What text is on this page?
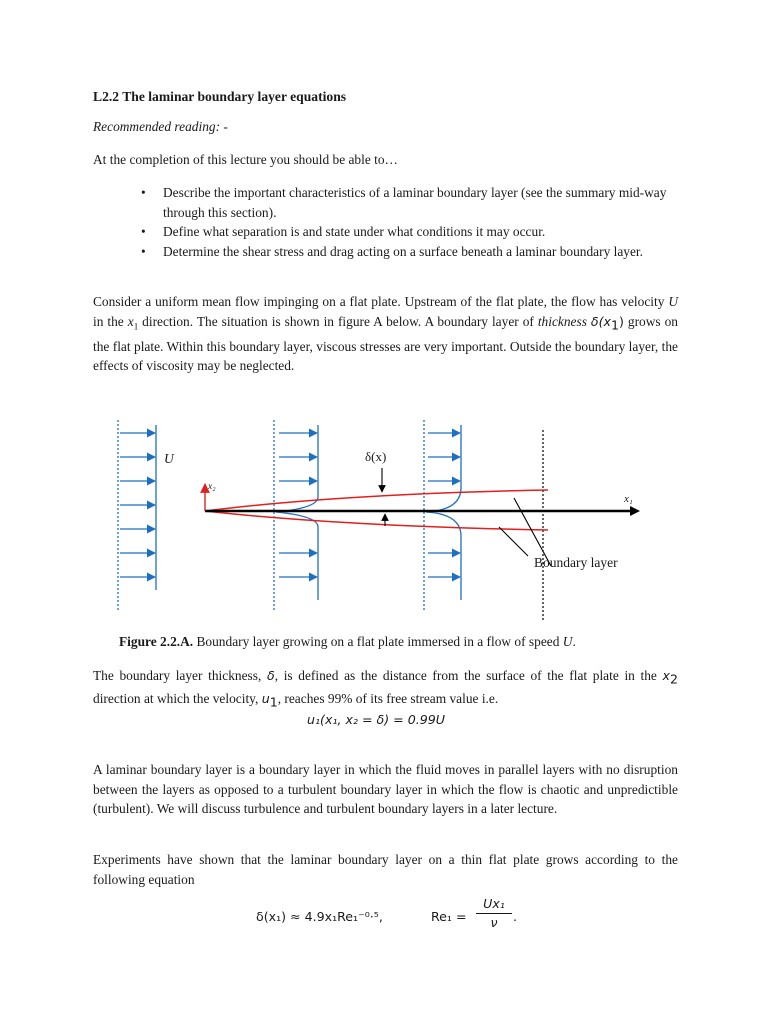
L2.2 The laminar boundary layer equations
Recommended reading: -
At the completion of this lecture you should be able to…
• Describe the important characteristics of a laminar boundary layer (see the summary mid-way through this section).
• Define what separation is and state under what conditions it may occur.
• Determine the shear stress and drag acting on a surface beneath a laminar boundary layer.

Consider a uniform mean flow impinging on a flat plate. Upstream of the flat plate, the flow has velocity U in the $x_1$ direction. The situation is shown in figure A below. A boundary layer of thickness $\delta(x_1)$ grows on the flat plate. Within this boundary layer, viscous stresses are very important. Outside the boundary layer, the effects of viscosity may be neglected.

U	δ(x)
x₂
x₁
Boundary layer
Figure 2.2.A. Boundary layer growing on a flat plate immersed in a flow of speed U.

The boundary layer thickness, δ, is defined as the distance from the surface of the flat plate in the $x_2$ direction at which the velocity, $u_1$, reaches 99% of its free stream value i.e.

u₁(x₁, x₂ = δ) = 0.99U

A laminar boundary layer is a boundary layer in which the fluid moves in parallel layers with no disruption between the layers as opposed to a turbulent boundary layer in which the flow is chaotic and unpredictible (turbulent). We will discuss turbulence and turbulent boundary layers in a later lecture.

Experiments have shown that the laminar boundary layer on a thin flat plate grows according to the following equation

δ(x₁) ≈ 4.9x₁Re₁⁻⁰·⁵,	$Re_1 = \frac{\text{Ux₁}}{\nu}$ .
